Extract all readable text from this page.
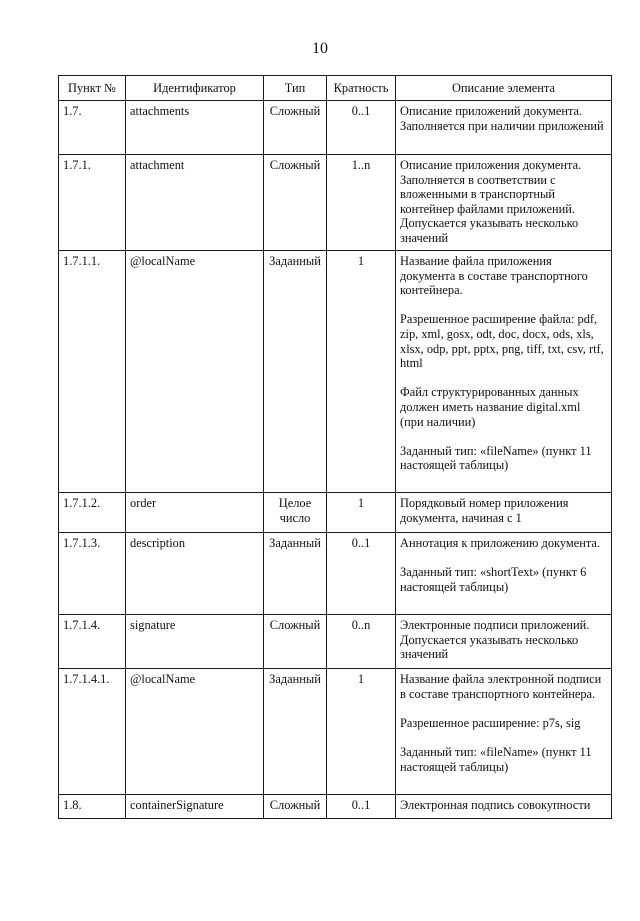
10
Пункт №	Идентификатор	Тип	Кратность	Описание элемента
1.7.	attachments	Сложный	0..1	Описание приложений документа. Заполняется при наличии приложений

1.7.1.	attachment	Сложный	1..n	Описание приложения документа. Заполняется в соответствии с вложенными в транспортный контейнер файлами приложений. Допускается указывать несколько значений

1.7.1.1.	@localName	Заданный	1	Название файла приложения документа в составе транспортного контейнера.
Разрешенное расширение файла: pdf, zip, xml, gosx, odt, doc, docx, ods, xls, xlsx, odp, ppt, pptx, png, tiff, txt, csv, rtf, html
Файл структурированных данных должен иметь название digital.xml (при наличии)
Заданный тип: «fileName» (пункт 11 настоящей таблицы)

1.7.1.2.	order	Целое число	1	Порядковый номер приложения документа, начиная с 1

1.7.1.3.	description	Заданный	0..1	Аннотация к приложению документа.
Заданный тип: «shortText» (пункт 6 настоящей таблицы)

1.7.1.4.	signature	Сложный	0..n	Электронные подписи приложений. Допускается указывать несколько значений

1.7.1.4.1.	@localName	Заданный	1	Название файла электронной подписи в составе транспортного контейнера.
Разрешенное расширение: p7s, sig
Заданный тип: «fileName» (пункт 11 настоящей таблицы)

1.8.	containerSignature	Сложный	0..1	Электронная подпись совокупности
